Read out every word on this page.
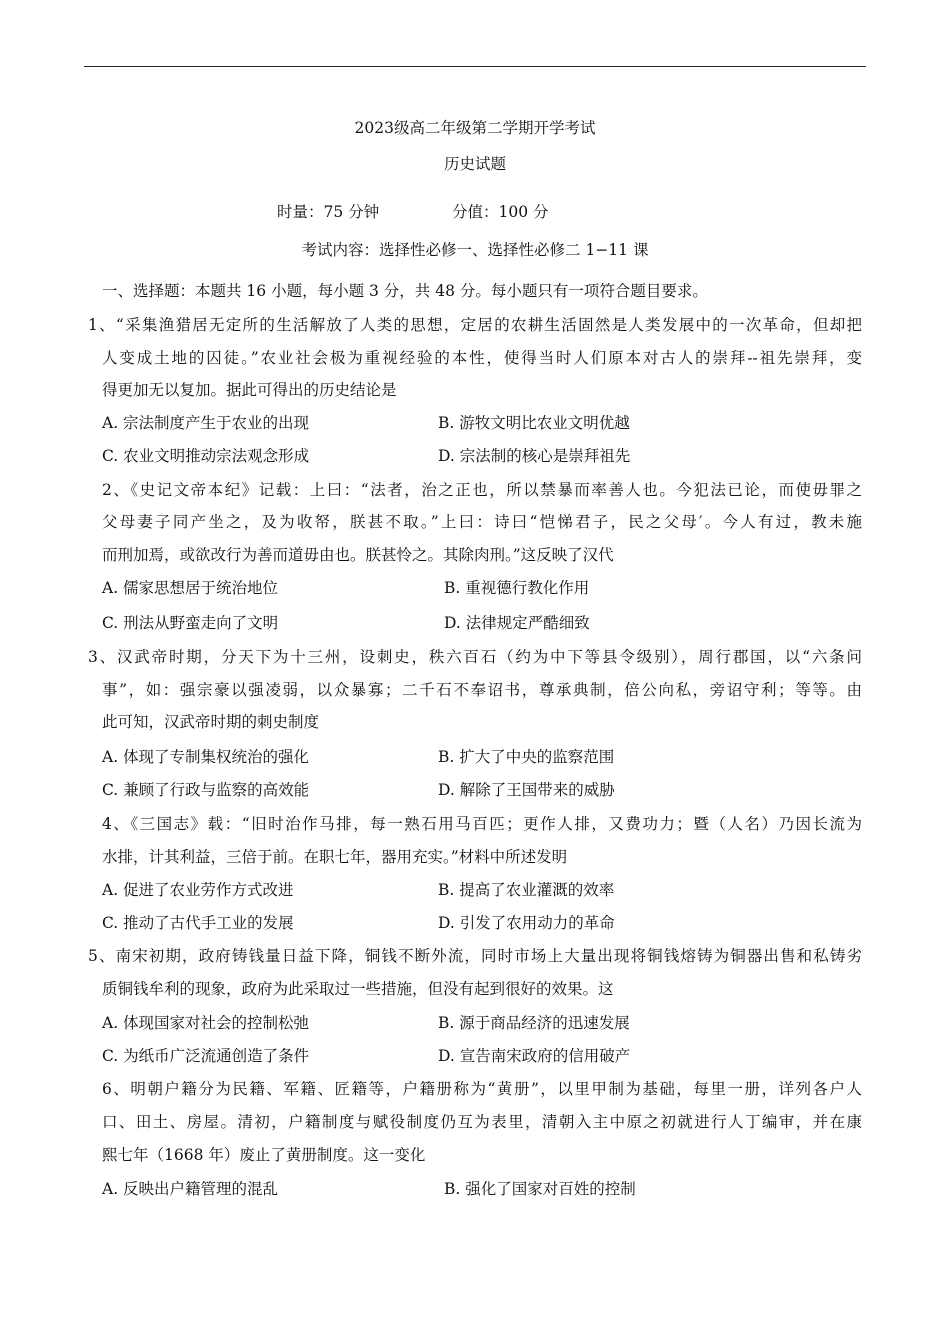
2023级高二年级第二学期开学考试
历史试题
时量：75 分钟	分值：100 分
考试内容：选择性必修一、选择性必修二 1−11 课
一、选择题：本题共 16 小题，每小题 3 分，共 48 分。每小题只有一项符合题目要求。
1、“采集渔猎居无定所的生活解放了人类的思想，定居的农耕生活固然是人类发展中的一次革命，但却把
人变成土地的囚徒。”农业社会极为重视经验的本性，使得当时人们原本对古人的崇拜--祖先崇拜，变
得更加无以复加。据此可得出的历史结论是
A. 宗法制度产生于农业的出现	B. 游牧文明比农业文明优越
C. 农业文明推动宗法观念形成	D. 宗法制的核心是崇拜祖先
2、《史记文帝本纪》记载：上曰：“法者，治之正也，所以禁暴而率善人也。今犯法已论，而使毋罪之
父母妻子同产坐之，及为收帑，朕甚不取。”上曰：诗曰“恺悌君子，民之父母′。今人有过，教未施
而刑加焉，或欲改行为善而道毋由也。朕甚怜之。其除肉刑。”这反映了汉代
A. 儒家思想居于统治地位	B. 重视德行教化作用
C. 刑法从野蛮走向了文明	D. 法律规定严酷细致
3、汉武帝时期，分天下为十三州，设刺史，秩六百石（约为中下等县令级别），周行郡国，以“六条问
事”，如：强宗豪以强凌弱，以众暴寡；二千石不奉诏书，尊承典制，倍公向私，旁诏守利；等等。由
此可知，汉武帝时期的刺史制度
A. 体现了专制集权统治的强化	B. 扩大了中央的监察范围
C. 兼顾了行政与监察的高效能	D. 解除了王国带来的威胁
4、《三国志》载：“旧时治作马排，每一熟石用马百匹；更作人排，又费功力；暨（人名）乃因长流为
水排，计其利益，三倍于前。在职七年，器用充实。”材料中所述发明
A. 促进了农业劳作方式改进	B. 提高了农业灌溉的效率
C. 推动了古代手工业的发展	D. 引发了农用动力的革命
5、南宋初期，政府铸钱量日益下降，铜钱不断外流，同时市场上大量出现将铜钱熔铸为铜器出售和私铸劣
质铜钱牟利的现象，政府为此采取过一些措施，但没有起到很好的效果。这
A. 体现国家对社会的控制松弛	B. 源于商品经济的迅速发展
C. 为纸币广泛流通创造了条件	D. 宣告南宋政府的信用破产
6、明朝户籍分为民籍、军籍、匠籍等，户籍册称为“黄册”，以里甲制为基础，每里一册，详列各户人
口、田土、房屋。清初，户籍制度与赋役制度仍互为表里，清朝入主中原之初就进行人丁编审，并在康
熙七年（1668 年）废止了黄册制度。这一变化
A. 反映出户籍管理的混乱	B. 强化了国家对百姓的控制
